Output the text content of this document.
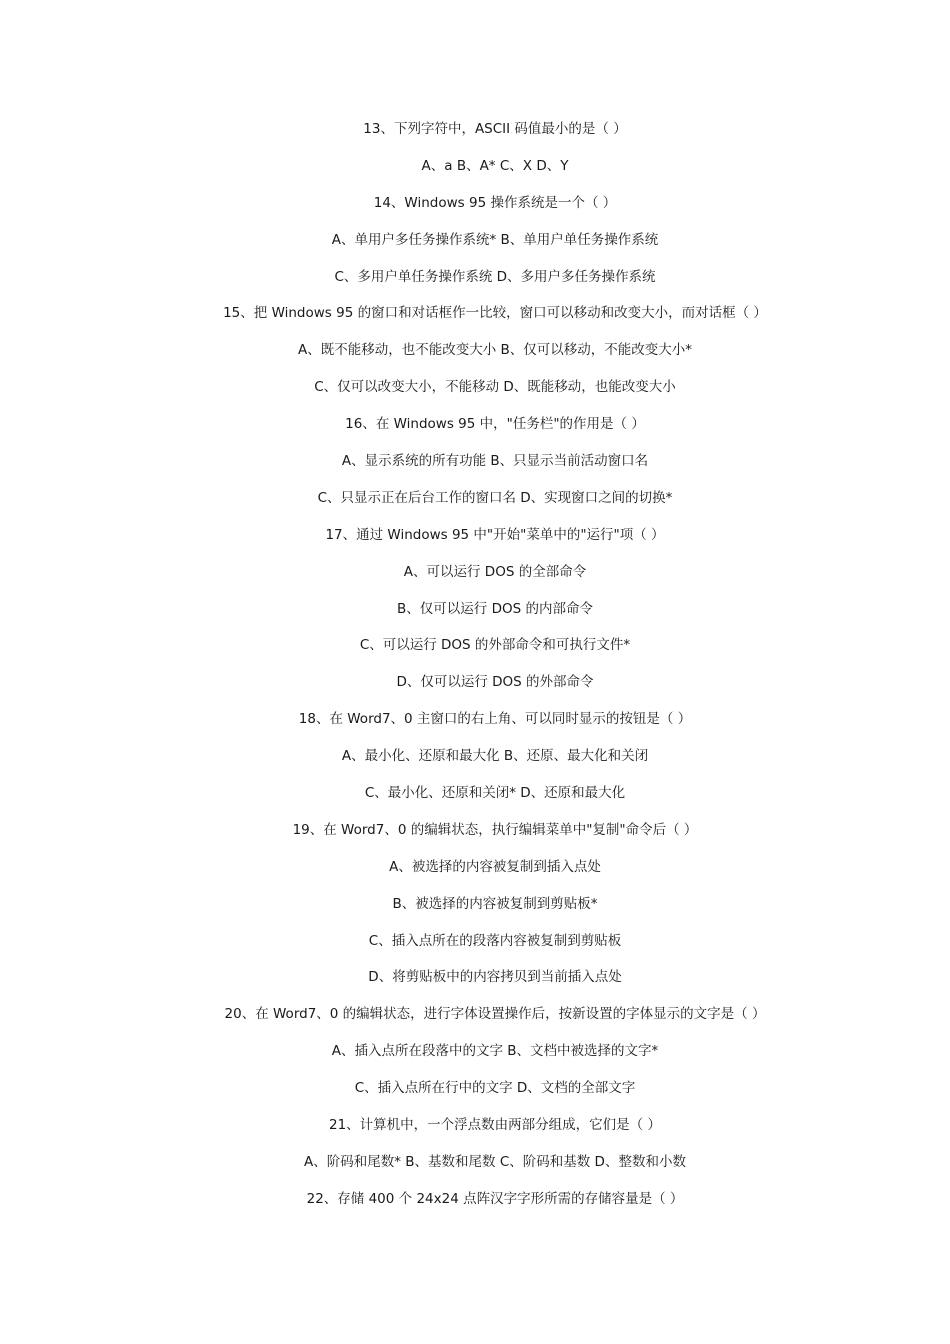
13、下列字符中，ASCII 码值最小的是（ ）
A、a B、A* C、X D、Y
14、Windows 95 操作系统是一个（ ）
A、单用户多任务操作系统* B、单用户单任务操作系统
C、多用户单任务操作系统 D、多用户多任务操作系统
15、把 Windows 95 的窗口和对话框作一比较，窗口可以移动和改变大小，而对话框（ ）
A、既不能移动，也不能改变大小 B、仅可以移动，不能改变大小*
C、仅可以改变大小，不能移动 D、既能移动，也能改变大小
16、在 Windows 95 中，"任务栏"的作用是（ ）
A、显示系统的所有功能 B、只显示当前活动窗口名
C、只显示正在后台工作的窗口名 D、实现窗口之间的切换*
17、通过 Windows 95 中"开始"菜单中的"运行"项（ ）
A、可以运行 DOS 的全部命令
B、仅可以运行 DOS 的内部命令
C、可以运行 DOS 的外部命令和可执行文件*
D、仅可以运行 DOS 的外部命令
18、在 Word7、0 主窗口的右上角、可以同时显示的按钮是（ ）
A、最小化、还原和最大化 B、还原、最大化和关闭
C、最小化、还原和关闭* D、还原和最大化
19、在 Word7、0 的编辑状态，执行编辑菜单中"复制"命令后（ ）
A、被选择的内容被复制到插入点处
B、被选择的内容被复制到剪贴板*
C、插入点所在的段落内容被复制到剪贴板
D、将剪贴板中的内容拷贝到当前插入点处
20、在 Word7、0 的编辑状态，进行字体设置操作后，按新设置的字体显示的文字是（ ）
A、插入点所在段落中的文字 B、文档中被选择的文字*
C、插入点所在行中的文字 D、文档的全部文字
21、计算机中，一个浮点数由两部分组成，它们是（ ）
A、阶码和尾数* B、基数和尾数 C、阶码和基数 D、整数和小数
22、存储 400 个 24x24 点阵汉字字形所需的存储容量是（ ）
